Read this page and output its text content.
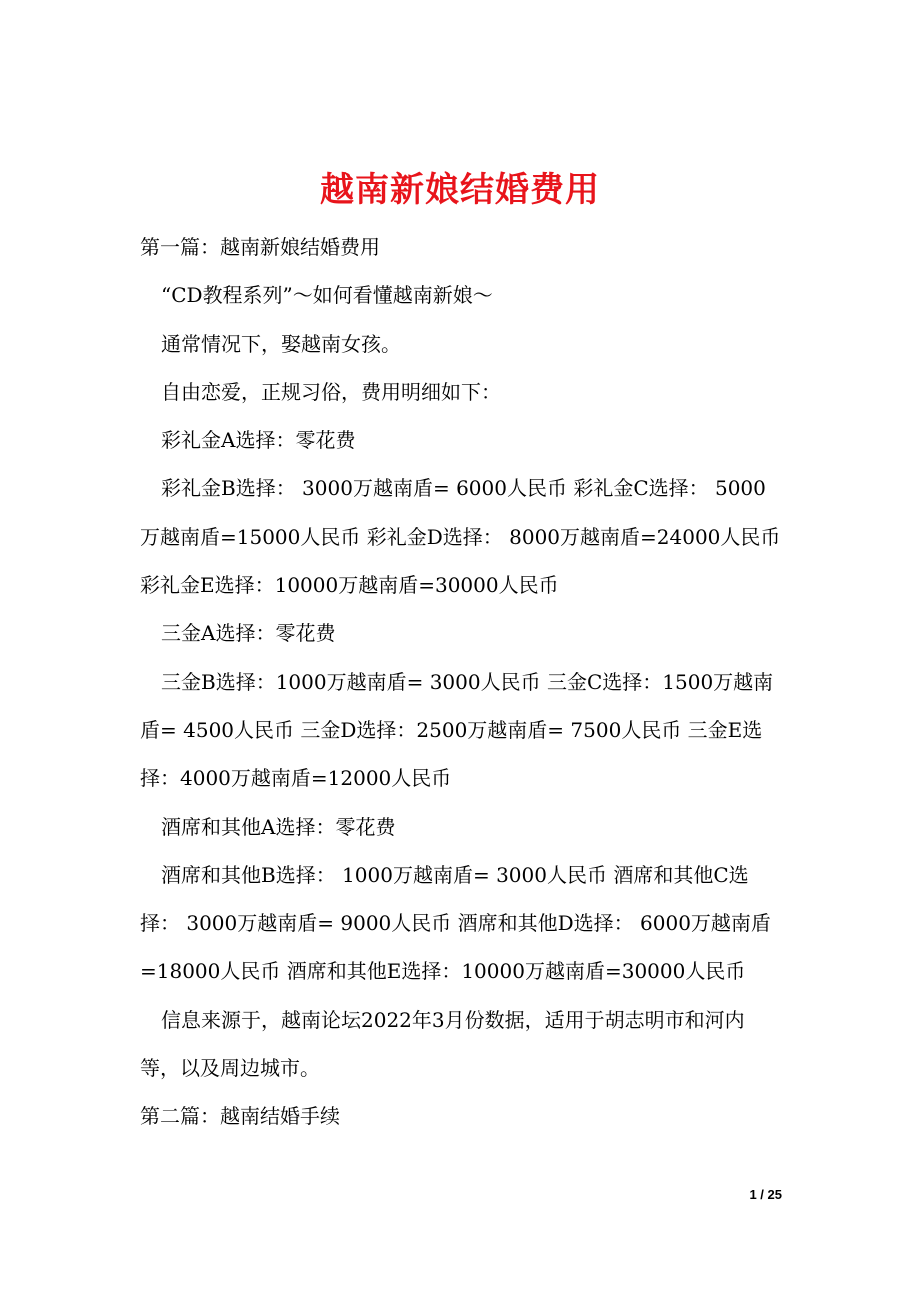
越南新娘结婚费用

第一篇：越南新娘结婚费用

“CD教程系列”～如何看懂越南新娘～

通常情况下，娶越南女孩。

自由恋爱，正规习俗，费用明细如下：

彩礼金A选择：零花费

彩礼金B选择： 3000万越南盾= 6000人民币 彩礼金C选择： 5000万越南盾=15000人民币 彩礼金D选择： 8000万越南盾=24000人民币 彩礼金E选择：10000万越南盾=30000人民币

三金A选择：零花费

三金B选择：1000万越南盾= 3000人民币 三金C选择：1500万越南盾= 4500人民币 三金D选择：2500万越南盾= 7500人民币 三金E选择：4000万越南盾=12000人民币

酒席和其他A选择：零花费

酒席和其他B选择： 1000万越南盾= 3000人民币 酒席和其他C选择： 3000万越南盾= 9000人民币 酒席和其他D选择： 6000万越南盾=18000人民币 酒席和其他E选择：10000万越南盾=30000人民币

信息来源于，越南论坛2022年3月份数据，适用于胡志明市和河内等，以及周边城市。

第二篇：越南结婚手续

1 / 25
